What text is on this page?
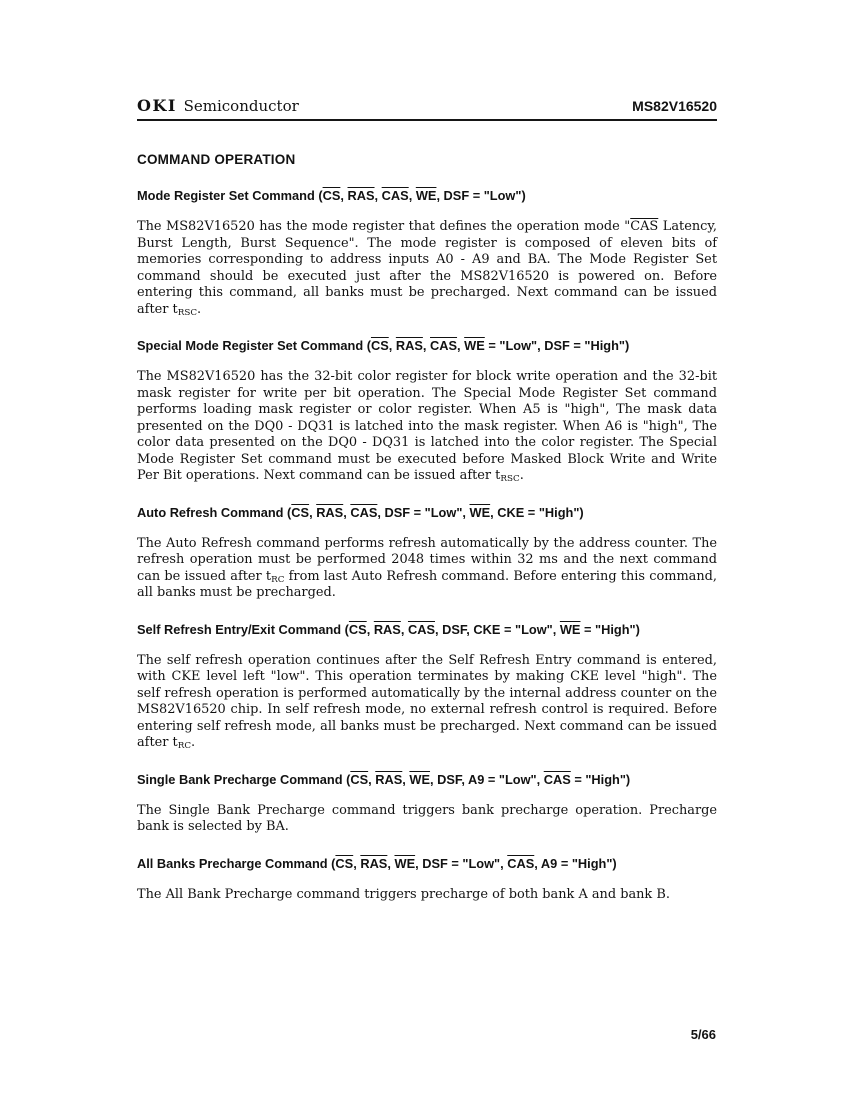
OKI Semiconductor	MS82V16520
COMMAND OPERATION
Mode Register Set Command (CS, RAS, CAS, WE, DSF = "Low")

The MS82V16520 has the mode register that defines the operation mode "$\overline{CAS}$ Latency, Burst Length, Burst Sequence". The mode register is composed of eleven bits of memories corresponding to address inputs A0 - A9 and BA. The Mode Register Set command should be executed just after the MS82V16520 is powered on. Before entering this command, all banks must be precharged. Next command can be issued after $t_{RSC}$.

Special Mode Register Set Command (CS, RAS, CAS, WE = "Low", DSF = "High")

The MS82V16520 has the 32-bit color register for block write operation and the 32-bit mask register for write per bit operation. The Special Mode Register Set command performs loading mask register or color register. When A5 is "high", The mask data presented on the DQ0 - DQ31 is latched into the mask register. When A6 is "high", The color data presented on the DQ0 - DQ31 is latched into the color register. The Special Mode Register Set command must be executed before Masked Block Write and Write Per Bit operations. Next command can be issued after $t_{RSC}$.

Auto Refresh Command (CS, RAS, CAS, DSF = "Low", WE, CKE = "High")

The Auto Refresh command performs refresh automatically by the address counter. The refresh operation must be performed 2048 times within 32 ms and the next command can be issued after $t_{RC}$ from last Auto Refresh command. Before entering this command, all banks must be precharged.

Self Refresh Entry/Exit Command (CS, RAS, CAS, DSF, CKE = "Low", WE = "High")

The self refresh operation continues after the Self Refresh Entry command is entered, with CKE level left "low". This operation terminates by making CKE level "high". The self refresh operation is performed automatically by the internal address counter on the MS82V16520 chip. In self refresh mode, no external refresh control is required. Before entering self refresh mode, all banks must be precharged. Next command can be issued after $t_{RC}$.

Single Bank Precharge Command (CS, RAS, WE, DSF, A9 = "Low", CAS = "High")

The Single Bank Precharge command triggers bank precharge operation. Precharge bank is selected by BA.

All Banks Precharge Command (CS, RAS, WE, DSF = "Low", CAS, A9 = "High")

The All Bank Precharge command triggers precharge of both bank A and bank B.

5/66
